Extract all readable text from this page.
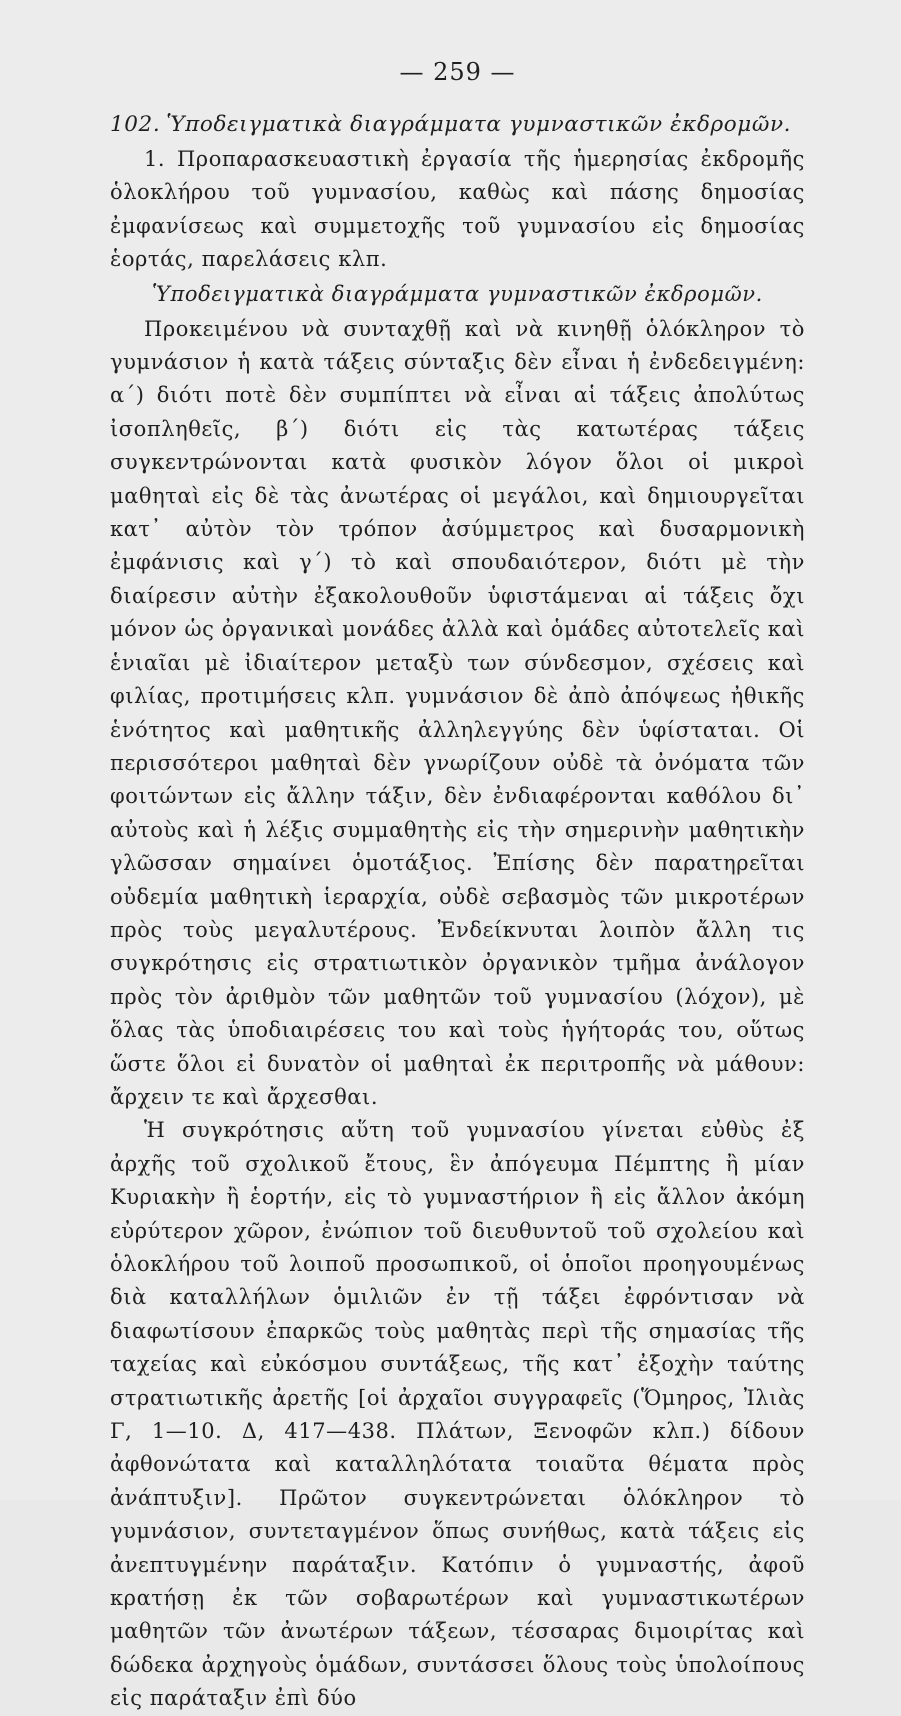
— 259 —
102. Ὑποδειγματικὰ διαγράμματα γυμναστικῶν ἐκδρομῶν.

1. Προπαρασκευαστικὴ ἐργασία τῆς ἡμερησίας ἐκδρομῆς ὁλοκλήρου τοῦ γυμνασίου, καθὼς καὶ πάσης δημοσίας ἐμφανίσεως καὶ συμμετοχῆς τοῦ γυμνασίου εἰς δημοσίας ἑορτάς, παρελάσεις κλπ.

Ὑποδειγματικὰ διαγράμματα γυμναστικῶν ἐκδρομῶν.

Προκειμένου νὰ συνταχθῇ καὶ νὰ κινηθῇ ὁλόκληρον τὸ γυμνάσιον ἡ κατὰ τάξεις σύνταξις δὲν εἶναι ἡ ἐνδεδειγμένη: α΄) διότι ποτὲ δὲν συμπίπτει νὰ εἶναι αἱ τάξεις ἀπολύτως ἰσοπληθεῖς, β΄) διότι εἰς τὰς κατωτέρας τάξεις συγκεντρώνονται κατὰ φυσικὸν λόγον ὅλοι οἱ μικροὶ μαθηταὶ εἰς δὲ τὰς ἀνωτέρας οἱ μεγάλοι, καὶ δημιουργεῖται κατ᾽ αὐτὸν τὸν τρόπον ἀσύμμετρος καὶ δυσαρμονικὴ ἐμφάνισις καὶ γ΄) τὸ καὶ σπουδαιότερον, διότι μὲ τὴν διαίρεσιν αὐτὴν ἐξακολουθοῦν ὑφιστάμεναι αἱ τάξεις ὄχι μόνον ὡς ὀργανικαὶ μονάδες ἀλλὰ καὶ ὁμάδες αὐτοτελεῖς καὶ ἑνιαῖαι μὲ ἰδιαίτερον μεταξὺ των σύνδεσμον, σχέσεις καὶ φιλίας, προτιμήσεις κλπ. γυμνάσιον δὲ ἀπὸ ἀπόψεως ἠθικῆς ἑνότητος καὶ μαθητικῆς ἀλληλεγγύης δὲν ὑφίσταται. Οἱ περισσότεροι μαθηταὶ δὲν γνωρίζουν οὐδὲ τὰ ὀνόματα τῶν φοιτώντων εἰς ἄλλην τάξιν, δὲν ἐνδιαφέρονται καθόλου δι᾽ αὐτοὺς καὶ ἡ λέξις συμμαθητὴς εἰς τὴν σημερινὴν μαθητικὴν γλῶσσαν σημαίνει ὁμοτάξιος. Ἐπίσης δὲν παρατηρεῖται οὐδεμία μαθητικὴ ἱεραρχία, οὐδὲ σεβασμὸς τῶν μικροτέρων πρὸς τοὺς μεγαλυτέρους. Ἐνδείκνυται λοιπὸν ἄλλη τις συγκρότησις εἰς στρατιωτικὸν ὀργανικὸν τμῆμα ἀνάλογον πρὸς τὸν ἀριθμὸν τῶν μαθητῶν τοῦ γυμνασίου (λόχον), μὲ ὅλας τὰς ὑποδιαιρέσεις του καὶ τοὺς ἡγήτοράς του, οὕτως ὥστε ὅλοι εἰ δυνατὸν οἱ μαθηταὶ ἐκ περιτροπῆς νὰ μάθουν: ἄρχειν τε καὶ ἄρχεσθαι.

Ἡ συγκρότησις αὕτη τοῦ γυμνασίου γίνεται εὐθὺς ἐξ ἀρχῆς τοῦ σχολικοῦ ἔτους, ἓν ἀπόγευμα Πέμπτης ἢ μίαν Κυριακὴν ἢ ἑορτήν, εἰς τὸ γυμναστήριον ἢ εἰς ἄλλον ἀκόμη εὐρύτερον χῶρον, ἐνώπιον τοῦ διευθυντοῦ τοῦ σχολείου καὶ ὁλοκλήρου τοῦ λοιποῦ προσωπικοῦ, οἱ ὁποῖοι προηγουμένως διὰ καταλλήλων ὁμιλιῶν ἐν τῇ τάξει ἐφρόντισαν νὰ διαφωτίσουν ἐπαρκῶς τοὺς μαθητὰς περὶ τῆς σημασίας τῆς ταχείας καὶ εὐκόσμου συντάξεως, τῆς κατ᾽ ἐξοχὴν ταύτης στρατιωτικῆς ἀρετῆς [οἱ ἀρχαῖοι συγγραφεῖς (Ὅμηρος, Ἰλιὰς Γ, 1—10. Δ, 417—438. Πλάτων, Ξενοφῶν κλπ.) δίδουν ἀφθονώτατα καὶ καταλληλότατα τοιαῦτα θέματα πρὸς ἀνάπτυξιν]. Πρῶτον συγκεντρώνεται ὁλόκληρον τὸ γυμνάσιον, συντεταγμένον ὅπως συνήθως, κατὰ τάξεις εἰς ἀνεπτυγμένην παράταξιν. Κατόπιν ὁ γυμναστής, ἀφοῦ κρατήσῃ ἐκ τῶν σοβαρωτέρων καὶ γυμναστικωτέρων μαθητῶν τῶν ἀνωτέρων τάξεων, τέσσαρας διμοιρίτας καὶ δώδεκα ἀρχηγοὺς ὁμάδων, συντάσσει ὅλους τοὺς ὑπολοίπους εἰς παράταξιν ἐπὶ δύο
